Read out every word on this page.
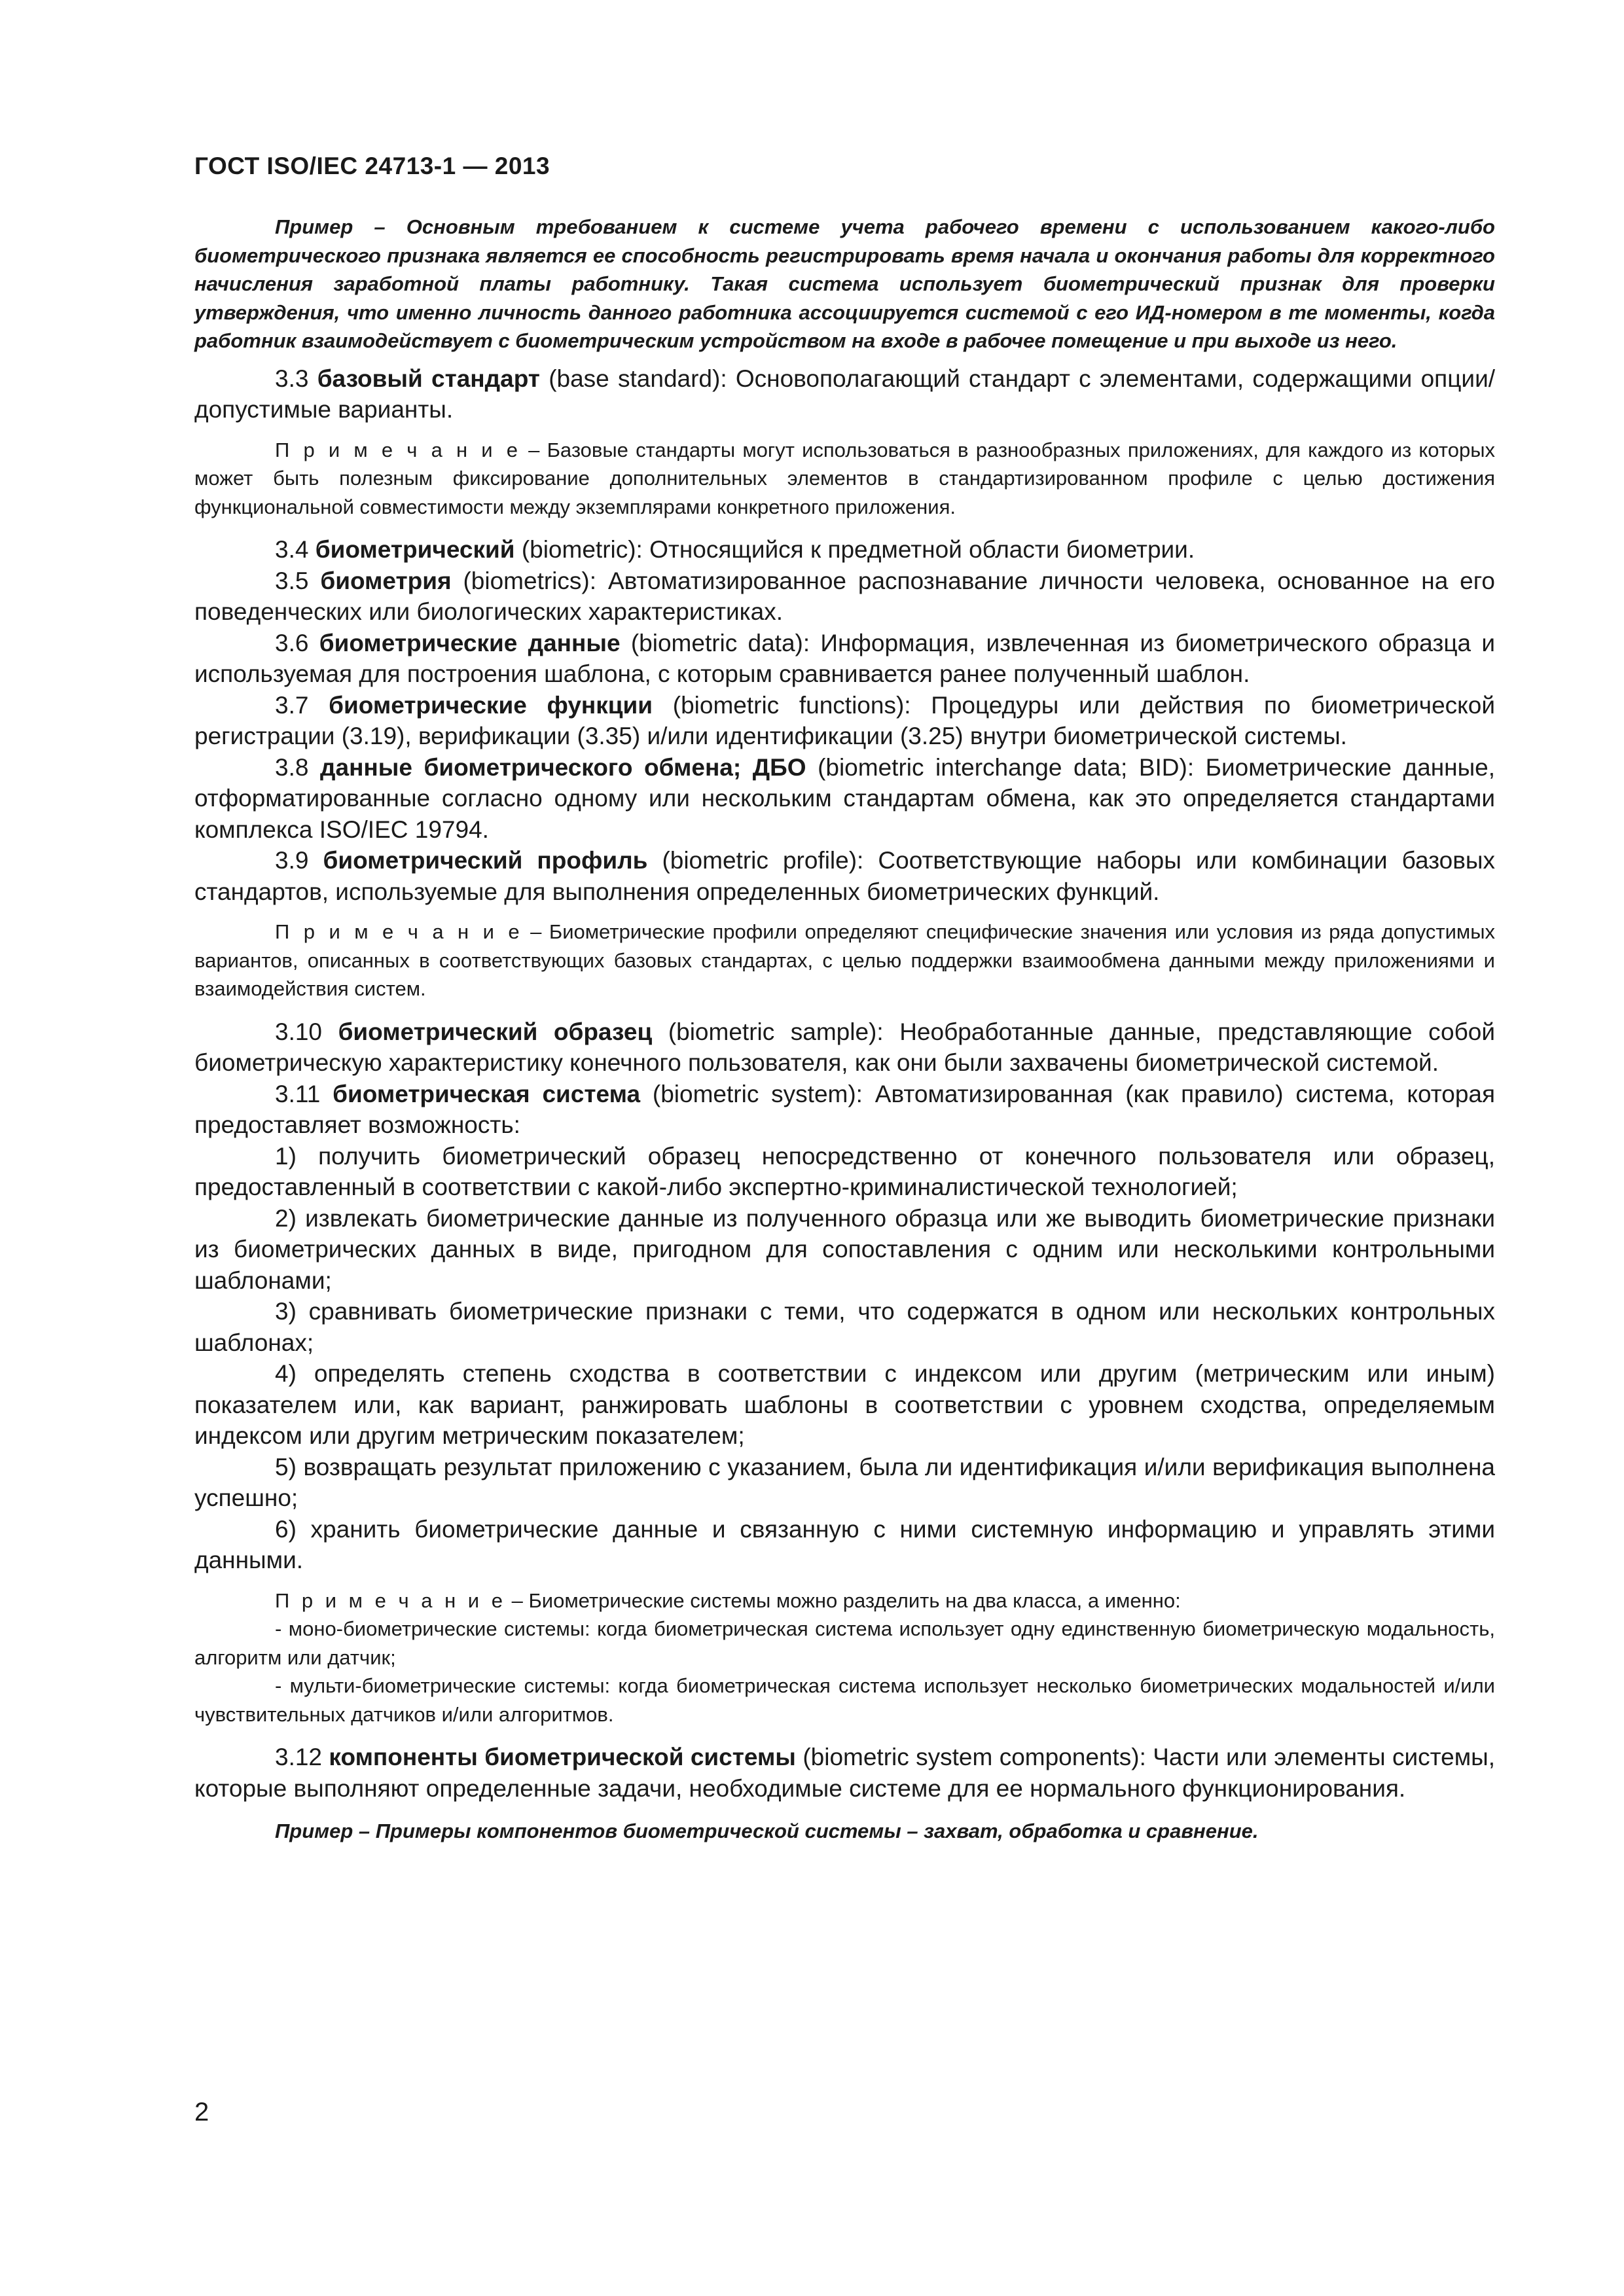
ГОСТ ISO/IEC 24713-1 — 2013

Пример – Основным требованием к системе учета рабочего времени с использованием какого-либо биометрического признака является ее способность регистрировать время начала и окончания работы для корректного начисления заработной платы работнику. Такая система использует биометрический признак для проверки утверждения, что именно личность данного работника ассоциируется системой с его ИД-номером в те моменты, когда работник взаимодействует с биометрическим устройством на входе в рабочее помещение и при выходе из него.

3.3 базовый стандарт (base standard): Основополагающий стандарт с элементами, содержащими опции/допустимые варианты.

П р и м е ч а н и е – Базовые стандарты могут использоваться в разнообразных приложениях, для каждого из которых может быть полезным фиксирование дополнительных элементов в стандартизированном профиле с целью достижения функциональной совместимости между экземплярами конкретного приложения.

3.4 биометрический (biometric): Относящийся к предметной области биометрии.

3.5 биометрия (biometrics): Автоматизированное распознавание личности человека, основанное на его поведенческих или биологических характеристиках.

3.6 биометрические данные (biometric data): Информация, извлеченная из биометрического образца и используемая для построения шаблона, с которым сравнивается ранее полученный шаблон.

3.7 биометрические функции (biometric functions): Процедуры или действия по биометрической регистрации (3.19), верификации (3.35) и/или идентификации (3.25) внутри биометрической системы.

3.8 данные биометрического обмена; ДБО (biometric interchange data; BID): Биометрические данные, отформатированные согласно одному или нескольким стандартам обмена, как это определяется стандартами комплекса ISO/IEC 19794.

3.9 биометрический профиль (biometric profile): Соответствующие наборы или комбинации базовых стандартов, используемые для выполнения определенных биометрических функций.

П р и м е ч а н и е – Биометрические профили определяют специфические значения или условия из ряда допустимых вариантов, описанных в соответствующих базовых стандартах, с целью поддержки взаимообмена данными между приложениями и взаимодействия систем.

3.10 биометрический образец (biometric sample): Необработанные данные, представляющие собой биометрическую характеристику конечного пользователя, как они были захвачены биометрической системой.

3.11 биометрическая система (biometric system): Автоматизированная (как правило) система, которая предоставляет возможность:

1) получить биометрический образец непосредственно от конечного пользователя или образец, предоставленный в соответствии с какой-либо экспертно-криминалистической технологией;

2) извлекать биометрические данные из полученного образца или же выводить биометрические признаки из биометрических данных в виде, пригодном для сопоставления с одним или несколькими контрольными шаблонами;

3) сравнивать биометрические признаки с теми, что содержатся в одном или нескольких контрольных шаблонах;

4) определять степень сходства в соответствии с индексом или другим (метрическим или иным) показателем или, как вариант, ранжировать шаблоны в соответствии с уровнем сходства, определяемым индексом или другим метрическим показателем;

5) возвращать результат приложению с указанием, была ли идентификация и/или верификация выполнена успешно;

6) хранить биометрические данные и связанную с ними системную информацию и управлять этими данными.

П р и м е ч а н и е – Биометрические системы можно разделить на два класса, а именно:

- моно-биометрические системы: когда биометрическая система использует одну единственную биометрическую модальность, алгоритм или датчик;

- мульти-биометрические системы: когда биометрическая система использует несколько биометрических модальностей и/или чувствительных датчиков и/или алгоритмов.

3.12 компоненты биометрической системы (biometric system components): Части или элементы системы, которые выполняют определенные задачи, необходимые системе для ее нормального функционирования.

Пример – Примеры компонентов биометрической системы – захват, обработка и сравнение.

2
